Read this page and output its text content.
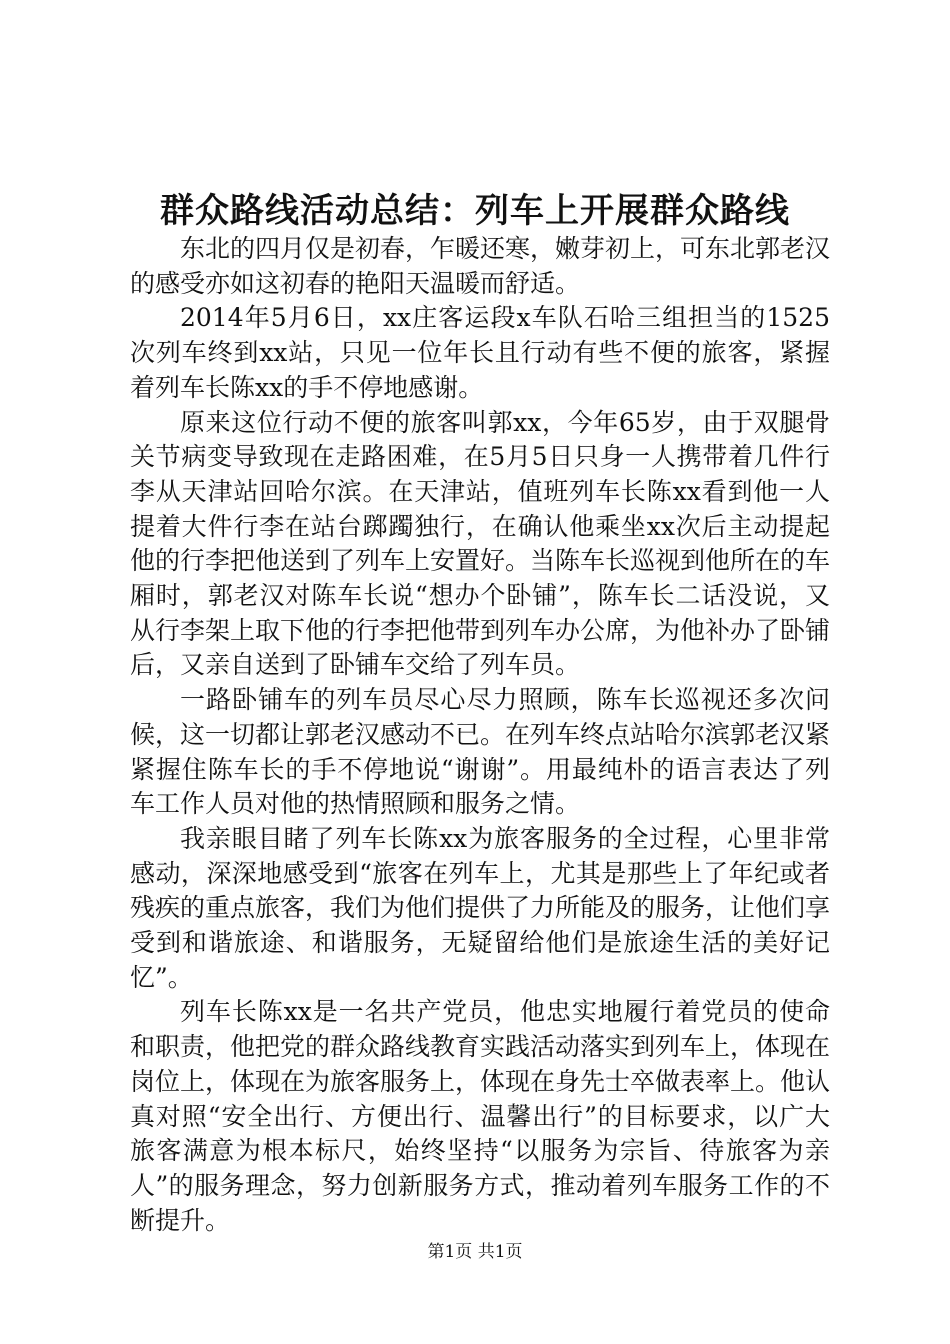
群众路线活动总结：列车上开展群众路线

东北的四月仅是初春，乍暖还寒，嫩芽初上，可东北郭老汉的感受亦如这初春的艳阳天温暖而舒适。

2014年5月6日，xx庄客运段x车队石哈三组担当的1525次列车终到xx站，只见一位年长且行动有些不便的旅客，紧握着列车长陈xx的手不停地感谢。

原来这位行动不便的旅客叫郭xx，今年65岁，由于双腿骨关节病变导致现在走路困难，在5月5日只身一人携带着几件行李从天津站回哈尔滨。在天津站，值班列车长陈xx看到他一人提着大件行李在站台踯躅独行，在确认他乘坐xx次后主动提起他的行李把他送到了列车上安置好。当陈车长巡视到他所在的车厢时，郭老汉对陈车长说“想办个卧铺”，陈车长二话没说，又从行李架上取下他的行李把他带到列车办公席，为他补办了卧铺后，又亲自送到了卧铺车交给了列车员。

一路卧铺车的列车员尽心尽力照顾，陈车长巡视还多次问候，这一切都让郭老汉感动不已。在列车终点站哈尔滨郭老汉紧紧握住陈车长的手不停地说“谢谢”。用最纯朴的语言表达了列车工作人员对他的热情照顾和服务之情。

我亲眼目睹了列车长陈xx为旅客服务的全过程，心里非常感动，深深地感受到“旅客在列车上，尤其是那些上了年纪或者残疾的重点旅客，我们为他们提供了力所能及的服务，让他们享受到和谐旅途、和谐服务，无疑留给他们是旅途生活的美好记忆”。

列车长陈xx是一名共产党员，他忠实地履行着党员的使命和职责，他把党的群众路线教育实践活动落实到列车上，体现在岗位上，体现在为旅客服务上，体现在身先士卒做表率上。他认真对照“安全出行、方便出行、温馨出行”的目标要求，以广大旅客满意为根本标尺，始终坚持“以服务为宗旨、待旅客为亲人”的服务理念，努力创新服务方式，推动着列车服务工作的不断提升。

第1页 共1页
